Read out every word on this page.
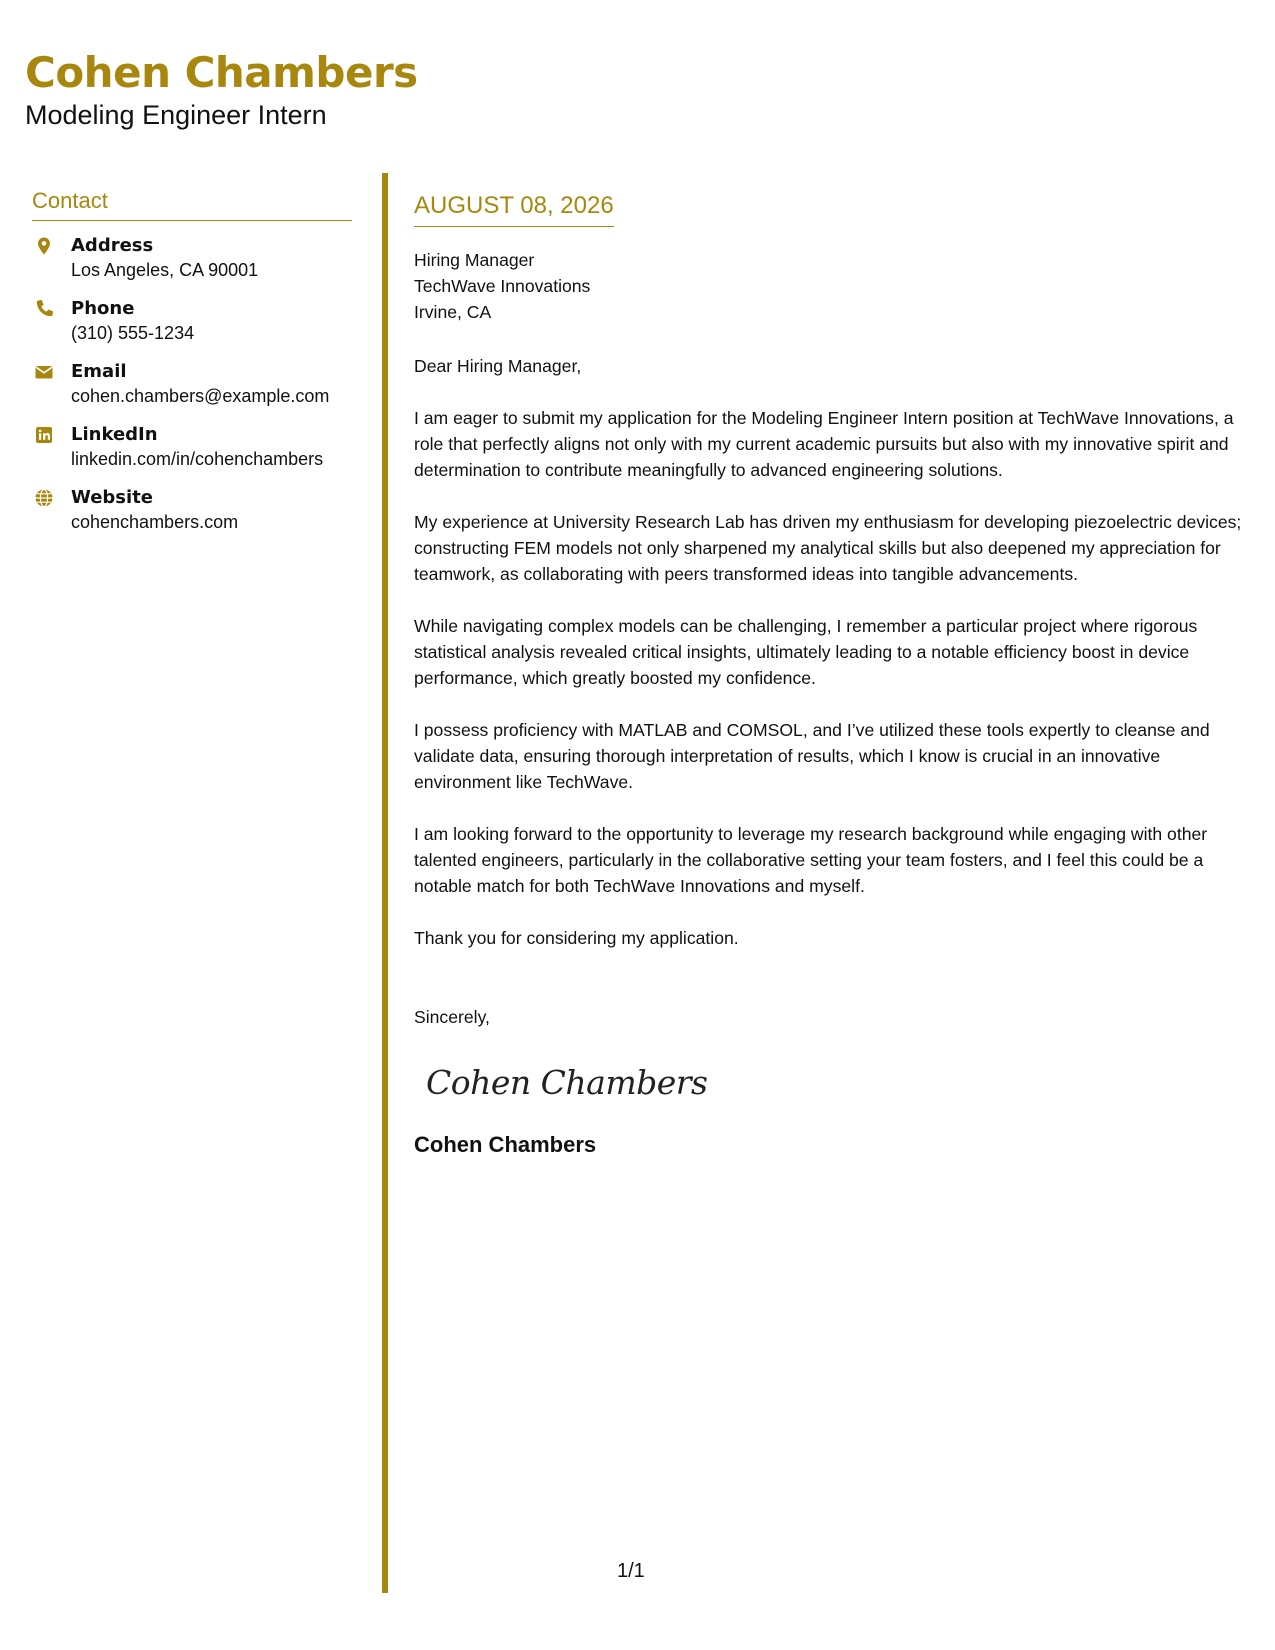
Cohen Chambers
Modeling Engineer Intern
Contact
Address
Los Angeles, CA 90001
Phone
(310) 555-1234
Email
cohen.chambers@example.com
LinkedIn
linkedin.com/in/cohenchambers
Website
cohenchambers.com
AUGUST 08, 2026
Hiring Manager
TechWave Innovations
Irvine, CA
Dear Hiring Manager,
I am eager to submit my application for the Modeling Engineer Intern position at TechWave Innovations, a role that perfectly aligns not only with my current academic pursuits but also with my innovative spirit and determination to contribute meaningfully to advanced engineering solutions.
My experience at University Research Lab has driven my enthusiasm for developing piezoelectric devices; constructing FEM models not only sharpened my analytical skills but also deepened my appreciation for teamwork, as collaborating with peers transformed ideas into tangible advancements.
While navigating complex models can be challenging, I remember a particular project where rigorous statistical analysis revealed critical insights, ultimately leading to a notable efficiency boost in device performance, which greatly boosted my confidence.
I possess proficiency with MATLAB and COMSOL, and I’ve utilized these tools expertly to cleanse and validate data, ensuring thorough interpretation of results, which I know is crucial in an innovative environment like TechWave.
I am looking forward to the opportunity to leverage my research background while engaging with other talented engineers, particularly in the collaborative setting your team fosters, and I feel this could be a notable match for both TechWave Innovations and myself.
Thank you for considering my application.
Sincerely,
Cohen Chambers
Cohen Chambers
1/1
